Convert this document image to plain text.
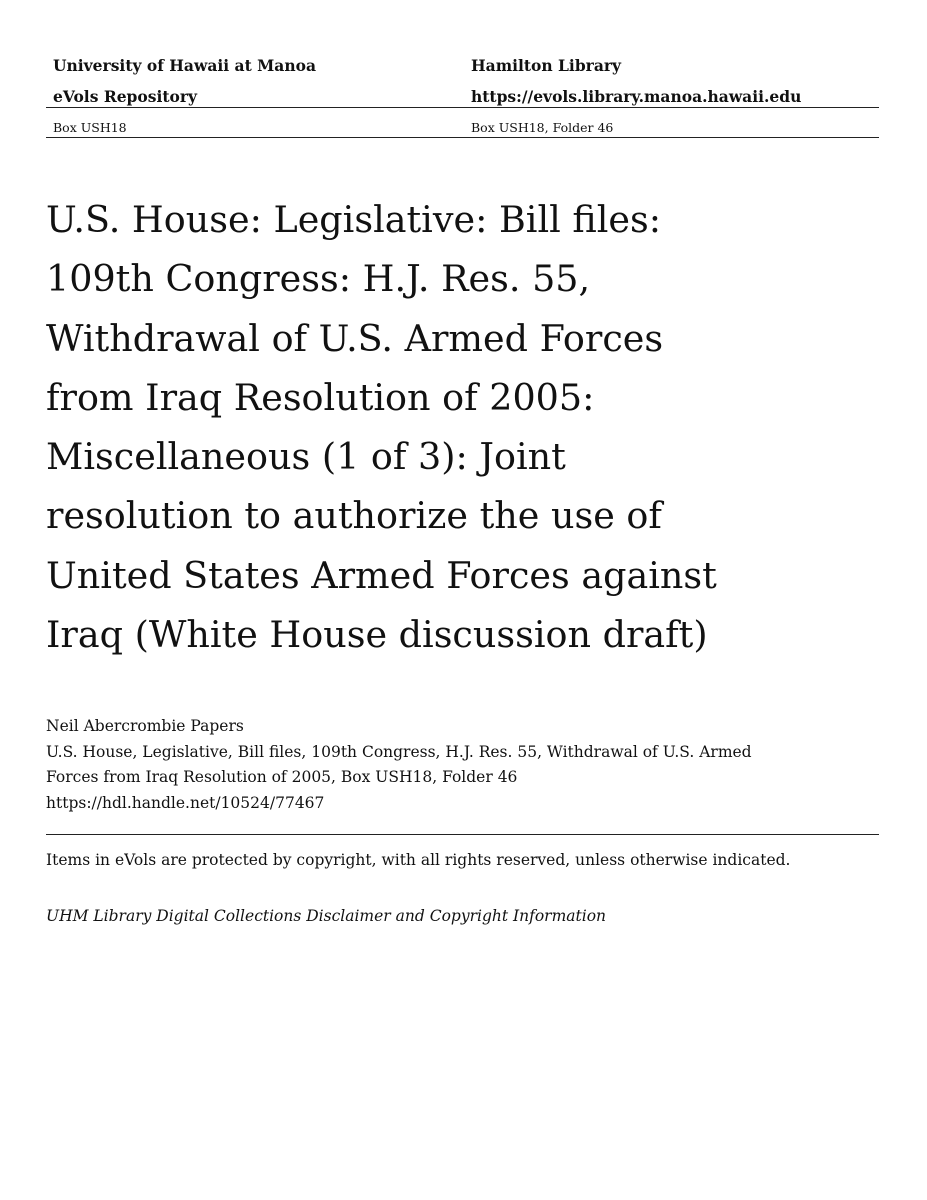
University of Hawaii at Manoa	Hamilton Library
eVols Repository	https://evols.library.manoa.hawaii.edu
Box USH18	Box USH18, Folder 46
U.S. House: Legislative: Bill files: 109th Congress: H.J. Res. 55, Withdrawal of U.S. Armed Forces from Iraq Resolution of 2005: Miscellaneous (1 of 3): Joint resolution to authorize the use of United States Armed Forces against Iraq (White House discussion draft)
Neil Abercrombie Papers
U.S. House, Legislative, Bill files, 109th Congress, H.J. Res. 55, Withdrawal of U.S. Armed Forces from Iraq Resolution of 2005, Box USH18, Folder 46
https://hdl.handle.net/10524/77467
Items in eVols are protected by copyright, with all rights reserved, unless otherwise indicated.
UHM Library Digital Collections Disclaimer and Copyright Information
